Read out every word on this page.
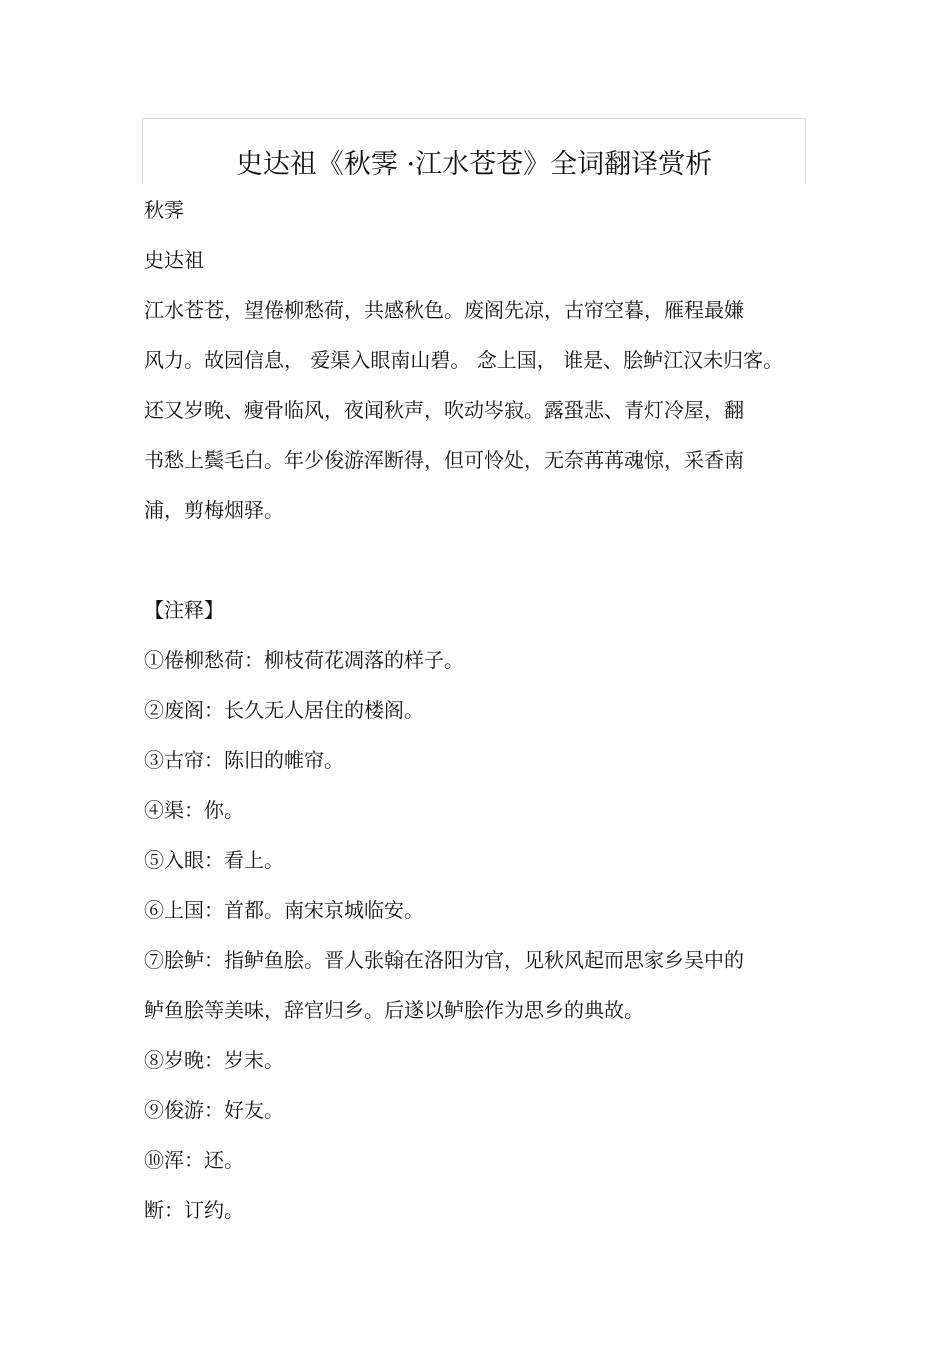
史达祖《秋霁 ·江水苍苍》全词翻译赏析
秋霁
史达祖
江水苍苍，望倦柳愁荷，共感秋色。废阁先凉，古帘空暮，雁程最嫌
风力。故园信息， 爱渠入眼南山碧。 念上国， 谁是、脍鲈江汉未归客。
还又岁晚、瘦骨临风，夜闻秋声，吹动岑寂。露蛩悲、青灯冷屋，翻
书愁上鬓毛白。年少俊游浑断得，但可怜处，无奈苒苒魂惊，采香南
浦，剪梅烟驿。
【注释】
①倦柳愁荷：柳枝荷花凋落的样子。
②废阁：长久无人居住的楼阁。
③古帘：陈旧的帷帘。
④渠：你。
⑤入眼：看上。
⑥上国：首都。南宋京城临安。
⑦脍鲈：指鲈鱼脍。晋人张翰在洛阳为官，见秋风起而思家乡吴中的
鲈鱼脍等美味，辞官归乡。后遂以鲈脍作为思乡的典故。
⑧岁晚：岁末。
⑨俊游：好友。
⑩浑：还。
断：订约。
